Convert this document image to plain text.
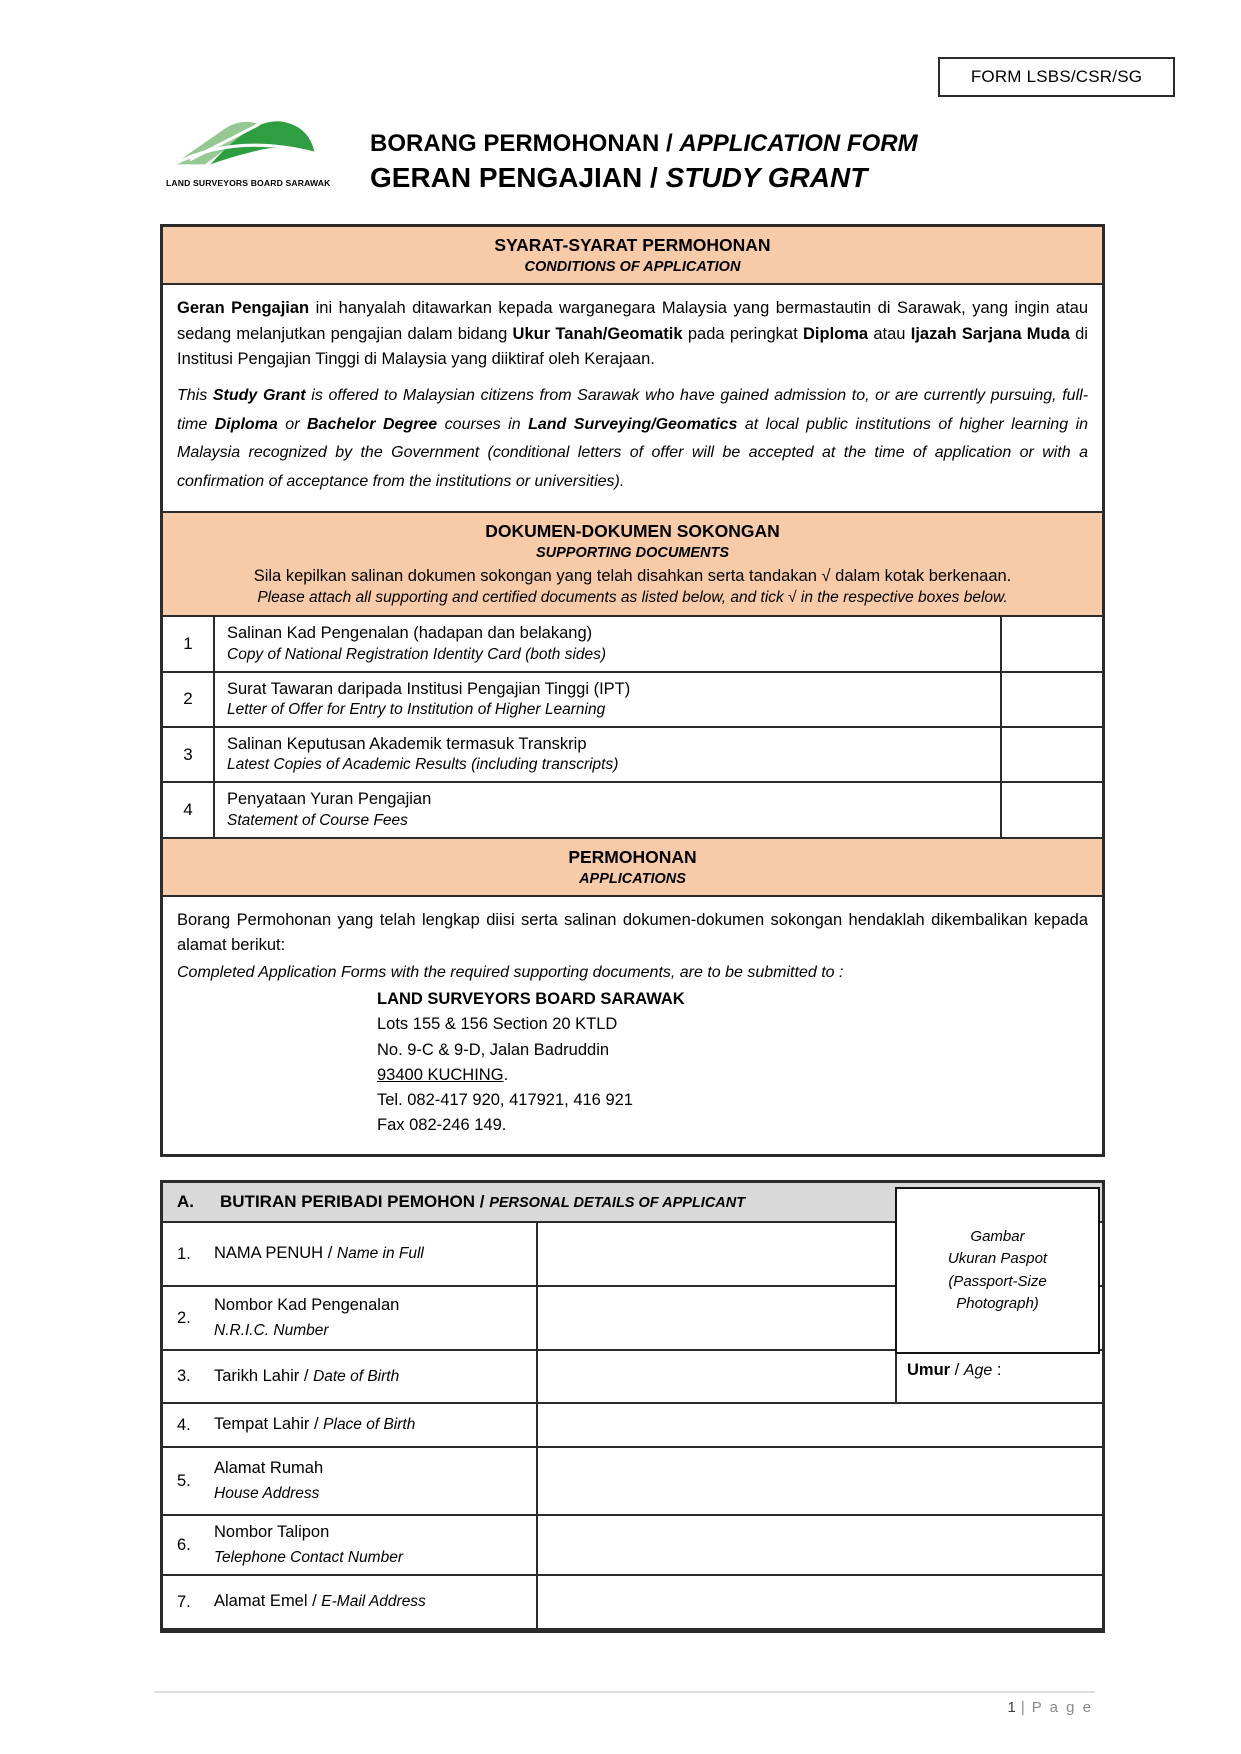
FORM LSBS/CSR/SG
LAND SURVEYORS BOARD SARAWAK
BORANG PERMOHONAN / APPLICATION FORM
GERAN PENGAJIAN / STUDY GRANT
SYARAT-SYARAT PERMOHONAN
CONDITIONS OF APPLICATION

Geran Pengajian ini hanyalah ditawarkan kepada warganegara Malaysia yang bermastautin di Sarawak, yang ingin atau sedang melanjutkan pengajian dalam bidang Ukur Tanah/Geomatik pada peringkat Diploma atau Ijazah Sarjana Muda di Institusi Pengajian Tinggi di Malaysia yang diiktiraf oleh Kerajaan.

This Study Grant is offered to Malaysian citizens from Sarawak who have gained admission to, or are currently pursuing, full-time Diploma or Bachelor Degree courses in Land Surveying/Geomatics at local public institutions of higher learning in Malaysia recognized by the Government (conditional letters of offer will be accepted at the time of application or with a confirmation of acceptance from the institutions or universities).

DOKUMEN-DOKUMEN SOKONGAN
SUPPORTING DOCUMENTS
Sila kepilkan salinan dokumen sokongan yang telah disahkan serta tandakan √ dalam kotak berkenaan.
Please attach all supporting and certified documents as listed below, and tick √ in the respective boxes below.
1
Salinan Kad Pengenalan (hadapan dan belakang)
Copy of National Registration Identity Card (both sides)
2
Surat Tawaran daripada Institusi Pengajian Tinggi (IPT)
Letter of Offer for Entry to Institution of Higher Learning
3
Salinan Keputusan Akademik termasuk Transkrip
Latest Copies of Academic Results (including transcripts)
4
Penyataan Yuran Pengajian
Statement of Course Fees
PERMOHONAN
APPLICATIONS

Borang Permohonan yang telah lengkap diisi serta salinan dokumen-dokumen sokongan hendaklah dikembalikan kepada alamat berikut:

Completed Application Forms with the required supporting documents, are to be submitted to :

LAND SURVEYORS BOARD SARAWAK
Lots 155 & 156 Section 20 KTLD
No. 9-C & 9-D, Jalan Badruddin
93400 KUCHING.
Tel. 082-417 920, 417921, 416 921
Fax 082-246 149.
A. BUTIRAN PERIBADI PEMOHON / PERSONAL DETAILS OF APPLICANT
1.	NAMA PENUH / Name in Full
2.
Nombor Kad Pengenalan
N.R.I.C. Number
3.	Tarikh Lahir / Date of Birth	Umur / Age :
4.	Tempat Lahir / Place of Birth
5.
Alamat Rumah
House Address
6.
Nombor Talipon
Telephone Contact Number
7.	Alamat Emel / E-Mail Address
Gambar
Ukuran Paspot
(Passport-Size
Photograph)
1 | P a g e
